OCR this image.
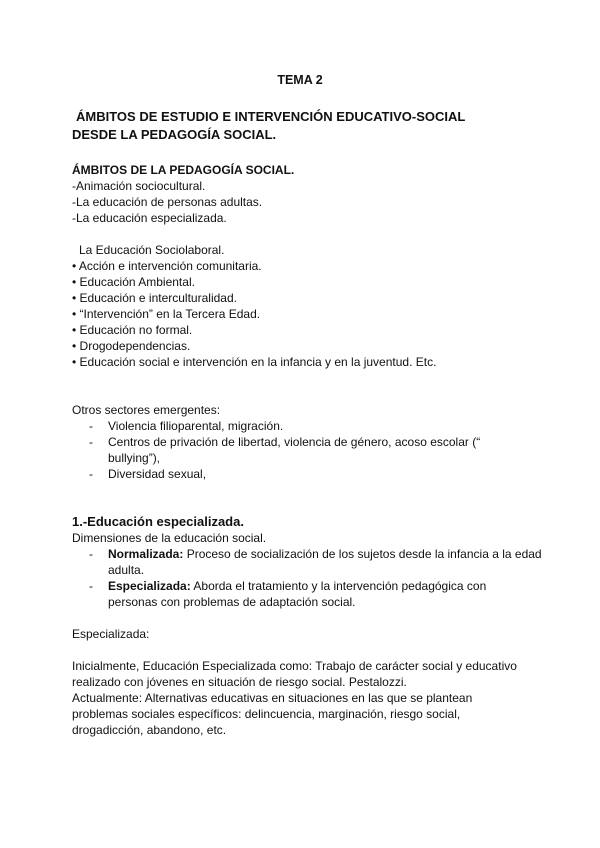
TEMA 2
ÁMBITOS DE ESTUDIO E INTERVENCIÓN EDUCATIVO-SOCIAL
DESDE LA PEDAGOGÍA SOCIAL.
ÁMBITOS DE LA PEDAGOGÍA SOCIAL.
-Animación sociocultural.
-La educación de personas adultas.
-La educación especializada.
La Educación Sociolaboral.
• Acción e intervención comunitaria.
• Educación Ambiental.
• Educación e interculturalidad.
• “Intervención” en la Tercera Edad.
• Educación no formal.
• Drogodependencias.
• Educación social e intervención en la infancia y en la juventud. Etc.
Otros sectores emergentes:
- Violencia filioparental, migración.
- Centros de privación de libertad, violencia de género, acoso escolar (“ bullying”),
- Diversidad sexual,
1.-Educación especializada.
Dimensiones de la educación social.
- Normalizada: Proceso de socialización de los sujetos desde la infancia a la edad adulta.
- Especializada: Aborda el tratamiento y la intervención pedagógica con personas con problemas de adaptación social.
Especializada:
Inicialmente, Educación Especializada como: Trabajo de carácter social y educativo
realizado con jóvenes en situación de riesgo social. Pestalozzi.
Actualmente: Alternativas educativas en situaciones en las que se plantean
problemas sociales específicos: delincuencia, marginación, riesgo social,
drogadicción, abandono, etc.
